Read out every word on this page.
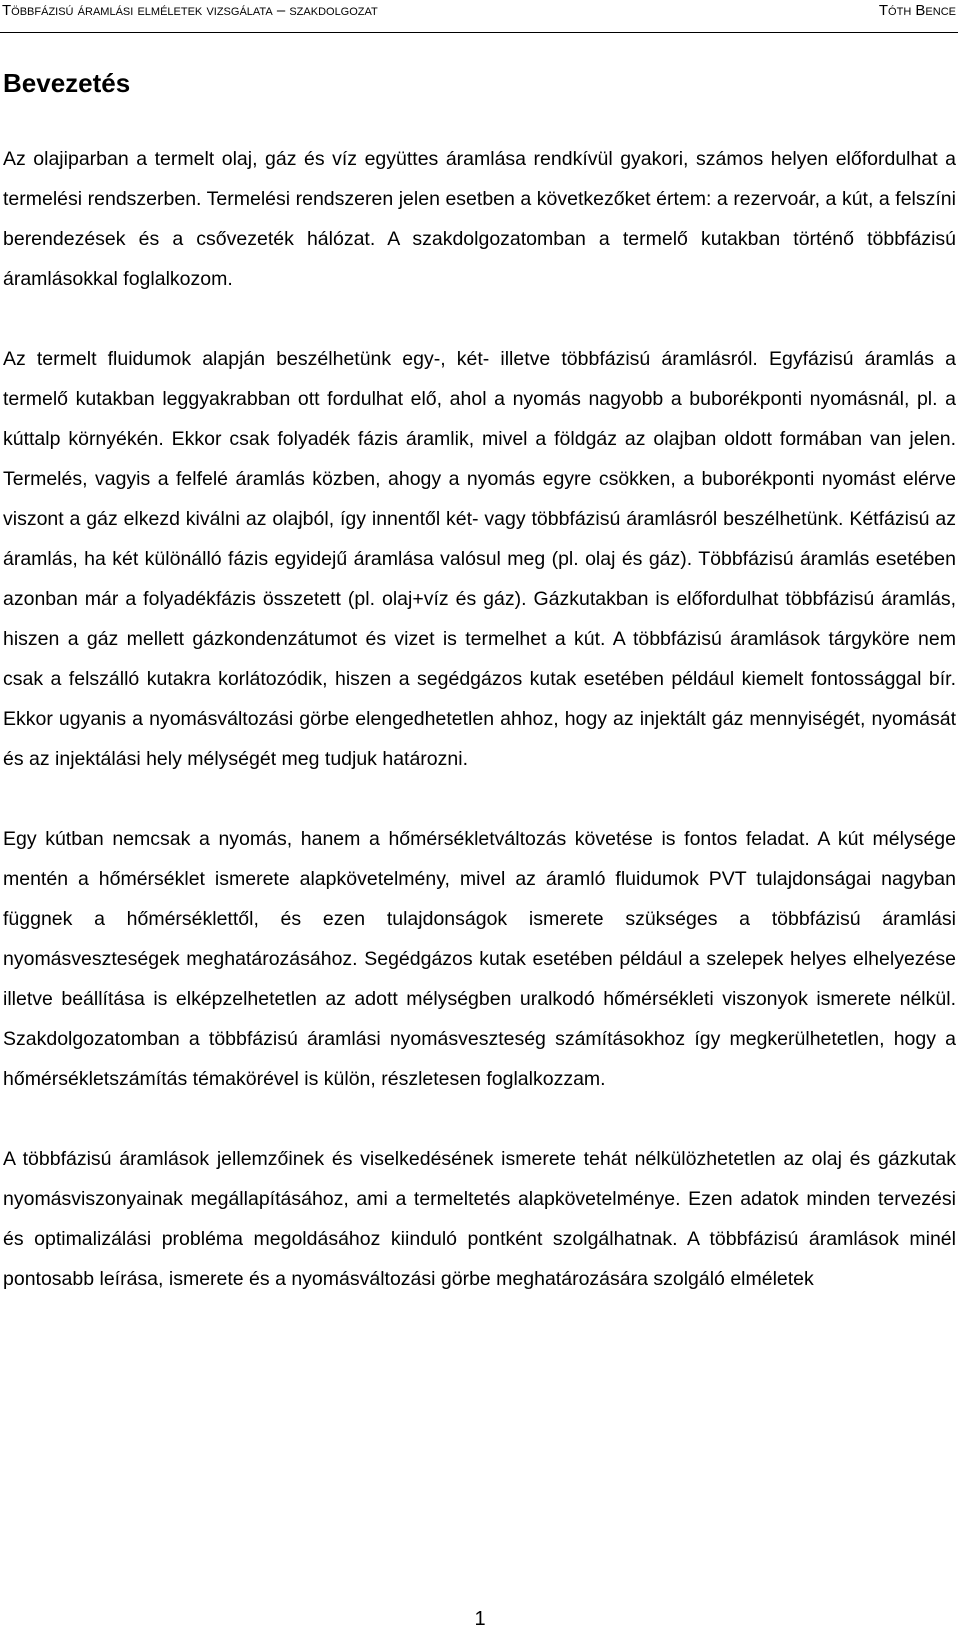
Többfázisú áramlási elméletek vizsgálata – szakdolgozat	Tóth Bence
Bevezetés

Az olajiparban a termelt olaj, gáz és víz együttes áramlása rendkívül gyakori, számos helyen előfordulhat a termelési rendszerben. Termelési rendszeren jelen esetben a következőket értem: a rezervoár, a kút, a felszíni berendezések és a csővezeték hálózat. A szakdolgozatomban a termelő kutakban történő többfázisú áramlásokkal foglalkozom.

Az termelt fluidumok alapján beszélhetünk egy-, két- illetve többfázisú áramlásról. Egyfázisú áramlás a termelő kutakban leggyakrabban ott fordulhat elő, ahol a nyomás nagyobb a buborékponti nyomásnál, pl. a kúttalp környékén. Ekkor csak folyadék fázis áramlik, mivel a földgáz az olajban oldott formában van jelen. Termelés, vagyis a felfelé áramlás közben, ahogy a nyomás egyre csökken, a buborékponti nyomást elérve viszont a gáz elkezd kiválni az olajból, így innentől két- vagy többfázisú áramlásról beszélhetünk. Kétfázisú az áramlás, ha két különálló fázis egyidejű áramlása valósul meg (pl. olaj és gáz). Többfázisú áramlás esetében azonban már a folyadékfázis összetett (pl. olaj+víz és gáz). Gázkutakban is előfordulhat többfázisú áramlás, hiszen a gáz mellett gázkondenzátumot és vizet is termelhet a kút. A többfázisú áramlások tárgyköre nem csak a felszálló kutakra korlátozódik, hiszen a segédgázos kutak esetében például kiemelt fontossággal bír. Ekkor ugyanis a nyomásváltozási görbe elengedhetetlen ahhoz, hogy az injektált gáz mennyiségét, nyomását és az injektálási hely mélységét meg tudjuk határozni.

Egy kútban nemcsak a nyomás, hanem a hőmérsékletváltozás követése is fontos feladat. A kút mélysége mentén a hőmérséklet ismerete alapkövetelmény, mivel az áramló fluidumok PVT tulajdonságai nagyban függnek a hőmérséklettől, és ezen tulajdonságok ismerete szükséges a többfázisú áramlási nyomásveszteségek meghatározásához. Segédgázos kutak esetében például a szelepek helyes elhelyezése illetve beállítása is elképzelhetetlen az adott mélységben uralkodó hőmérsékleti viszonyok ismerete nélkül. Szakdolgozatomban a többfázisú áramlási nyomásveszteség számításokhoz így megkerülhetetlen, hogy a hőmérsékletszámítás témakörével is külön, részletesen foglalkozzam.

A többfázisú áramlások jellemzőinek és viselkedésének ismerete tehát nélkülözhetetlen az olaj és gázkutak nyomásviszonyainak megállapításához, ami a termeltetés alapkövetelménye. Ezen adatok minden tervezési és optimalizálási probléma megoldásához kiinduló pontként szolgálhatnak. A többfázisú áramlások minél pontosabb leírása, ismerete és a nyomásváltozási görbe meghatározására szolgáló elméletek

1
